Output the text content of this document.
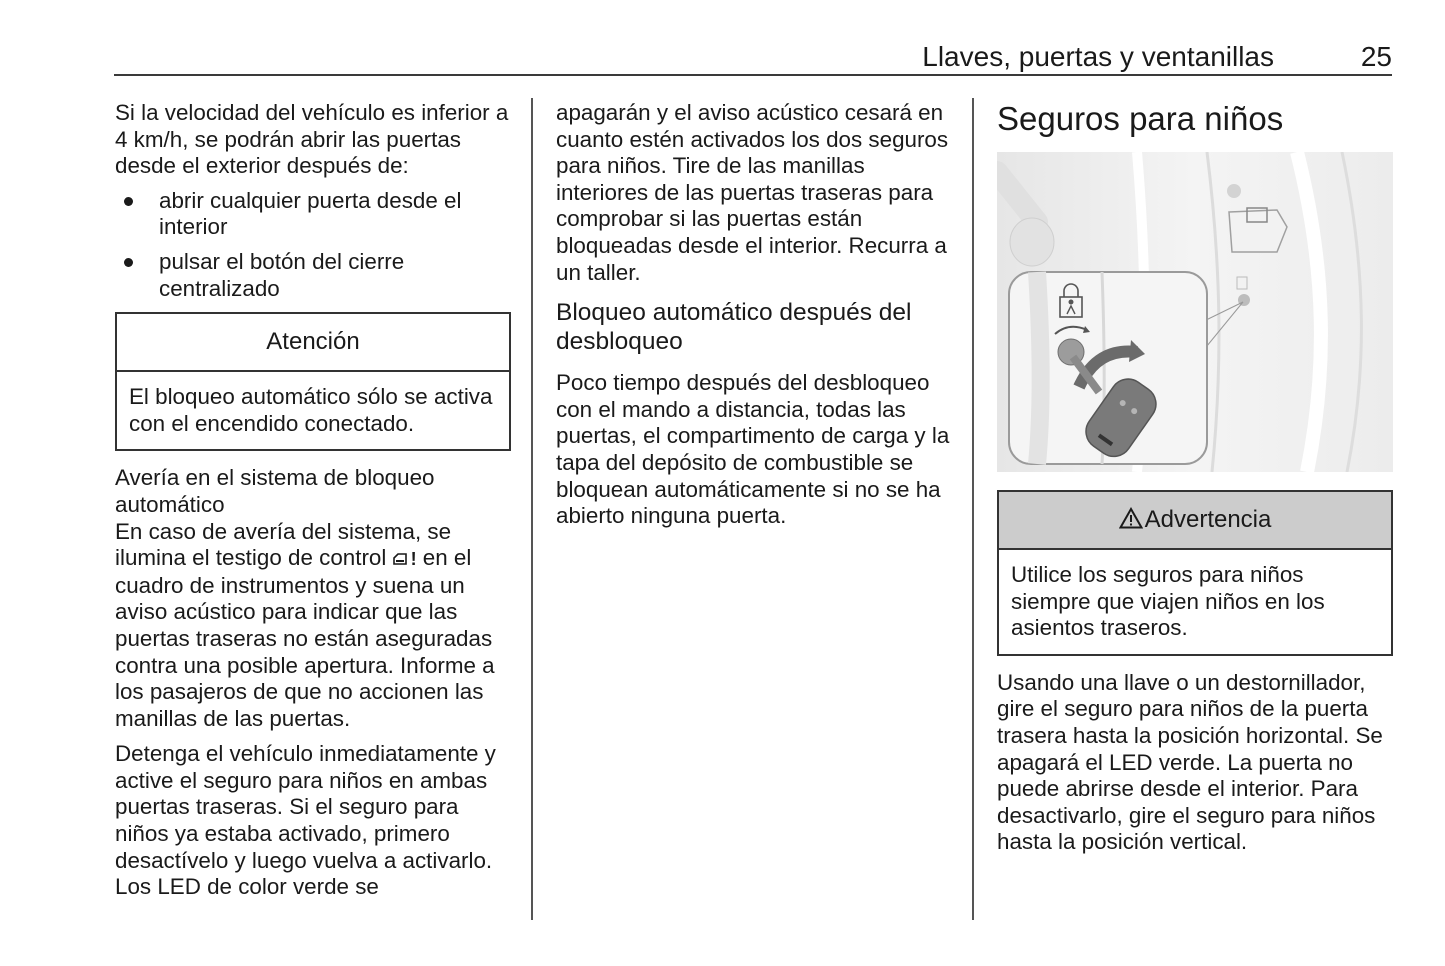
Llaves, puertas y ventanillas	25

Si la velocidad del vehículo es inferior a 4 km/h, se podrán abrir las puertas desde el exterior después de:

abrir cualquier puerta desde el interior
pulsar el botón del cierre centralizado
Atención
El bloqueo automático sólo se activa con el encendido conectado.

Avería en el sistema de bloqueo automático

En caso de avería del sistema, se ilumina el testigo de control ! en el cuadro de instrumentos y suena un aviso acústico para indicar que las puertas traseras no están aseguradas contra una posible apertura. Informe a los pasajeros de que no accionen las manillas de las puertas.

Detenga el vehículo inmediatamente y active el seguro para niños en ambas puertas traseras. Si el seguro para niños ya estaba activado, primero desactívelo y luego vuelva a activarlo. Los LED de color verde se

apagarán y el aviso acústico cesará en cuanto estén activados los dos seguros para niños. Tire de las manillas interiores de las puertas traseras para comprobar si las puertas están bloqueadas desde el interior. Recurra a un taller.

Bloqueo automático después del desbloqueo

Poco tiempo después del desbloqueo con el mando a distancia, todas las puertas, el compartimento de carga y la tapa del depósito de combustible se bloquean automáticamente si no se ha abierto ninguna puerta.

Seguros para niños
Advertencia
Utilice los seguros para niños siempre que viajen niños en los asientos traseros.

Usando una llave o un destornillador, gire el seguro para niños de la puerta trasera hasta la posición horizontal. Se apagará el LED verde. La puerta no puede abrirse desde el interior. Para desactivarlo, gire el seguro para niños hasta la posición vertical.
